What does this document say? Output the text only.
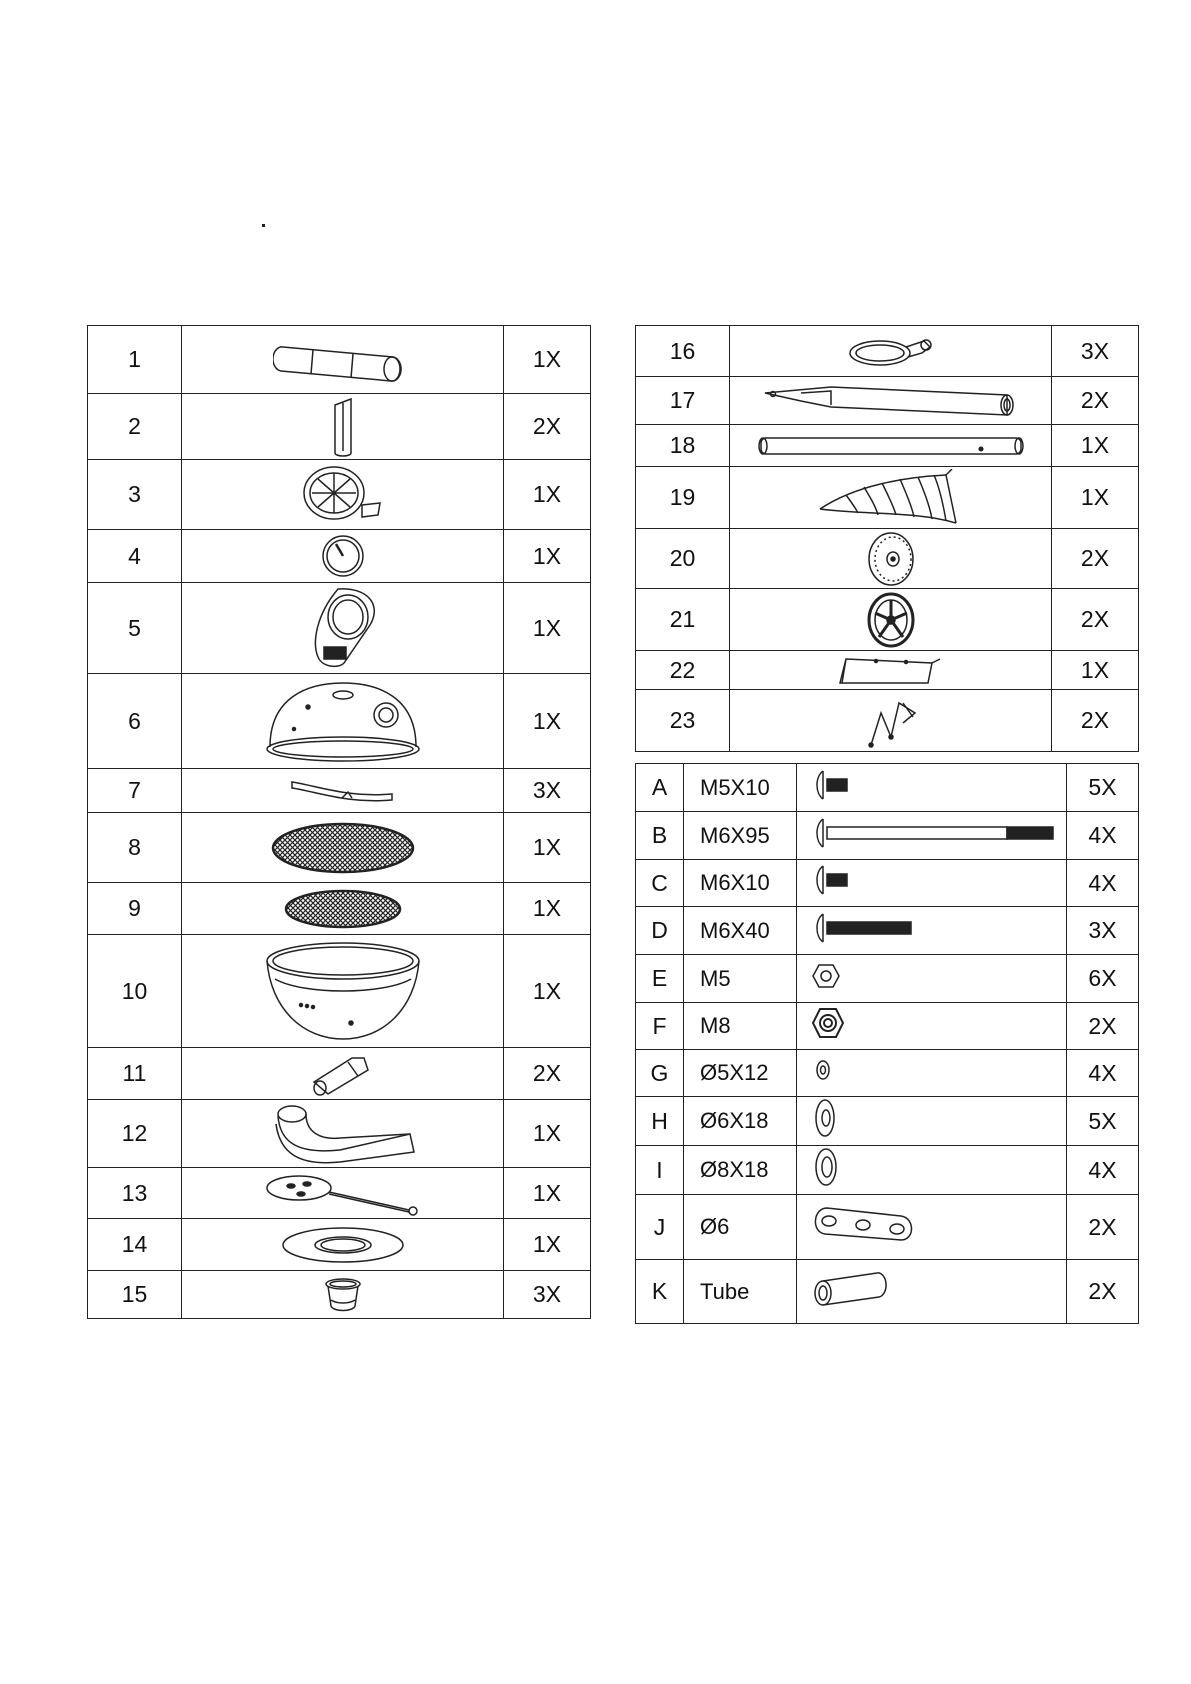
1		1X
2		2X
3		1X
4		1X
5		1X
6		1X
7		3X
8		1X
9		1X
10		1X
11		2X
12		1X
13		1X
14		1X
15		3X
16		3X
17		2X
18		1X
19		1X
20		2X
21		2X
22		1X
23		2X
A	M5X10		5X
B	M6X95		4X
C	M6X10		4X
D	M6X40		3X
E	M5		6X
F	M8		2X
G	Ø5X12		4X
H	Ø6X18		5X
I	Ø8X18		4X
J	Ø6		2X
K	Tube		2X
